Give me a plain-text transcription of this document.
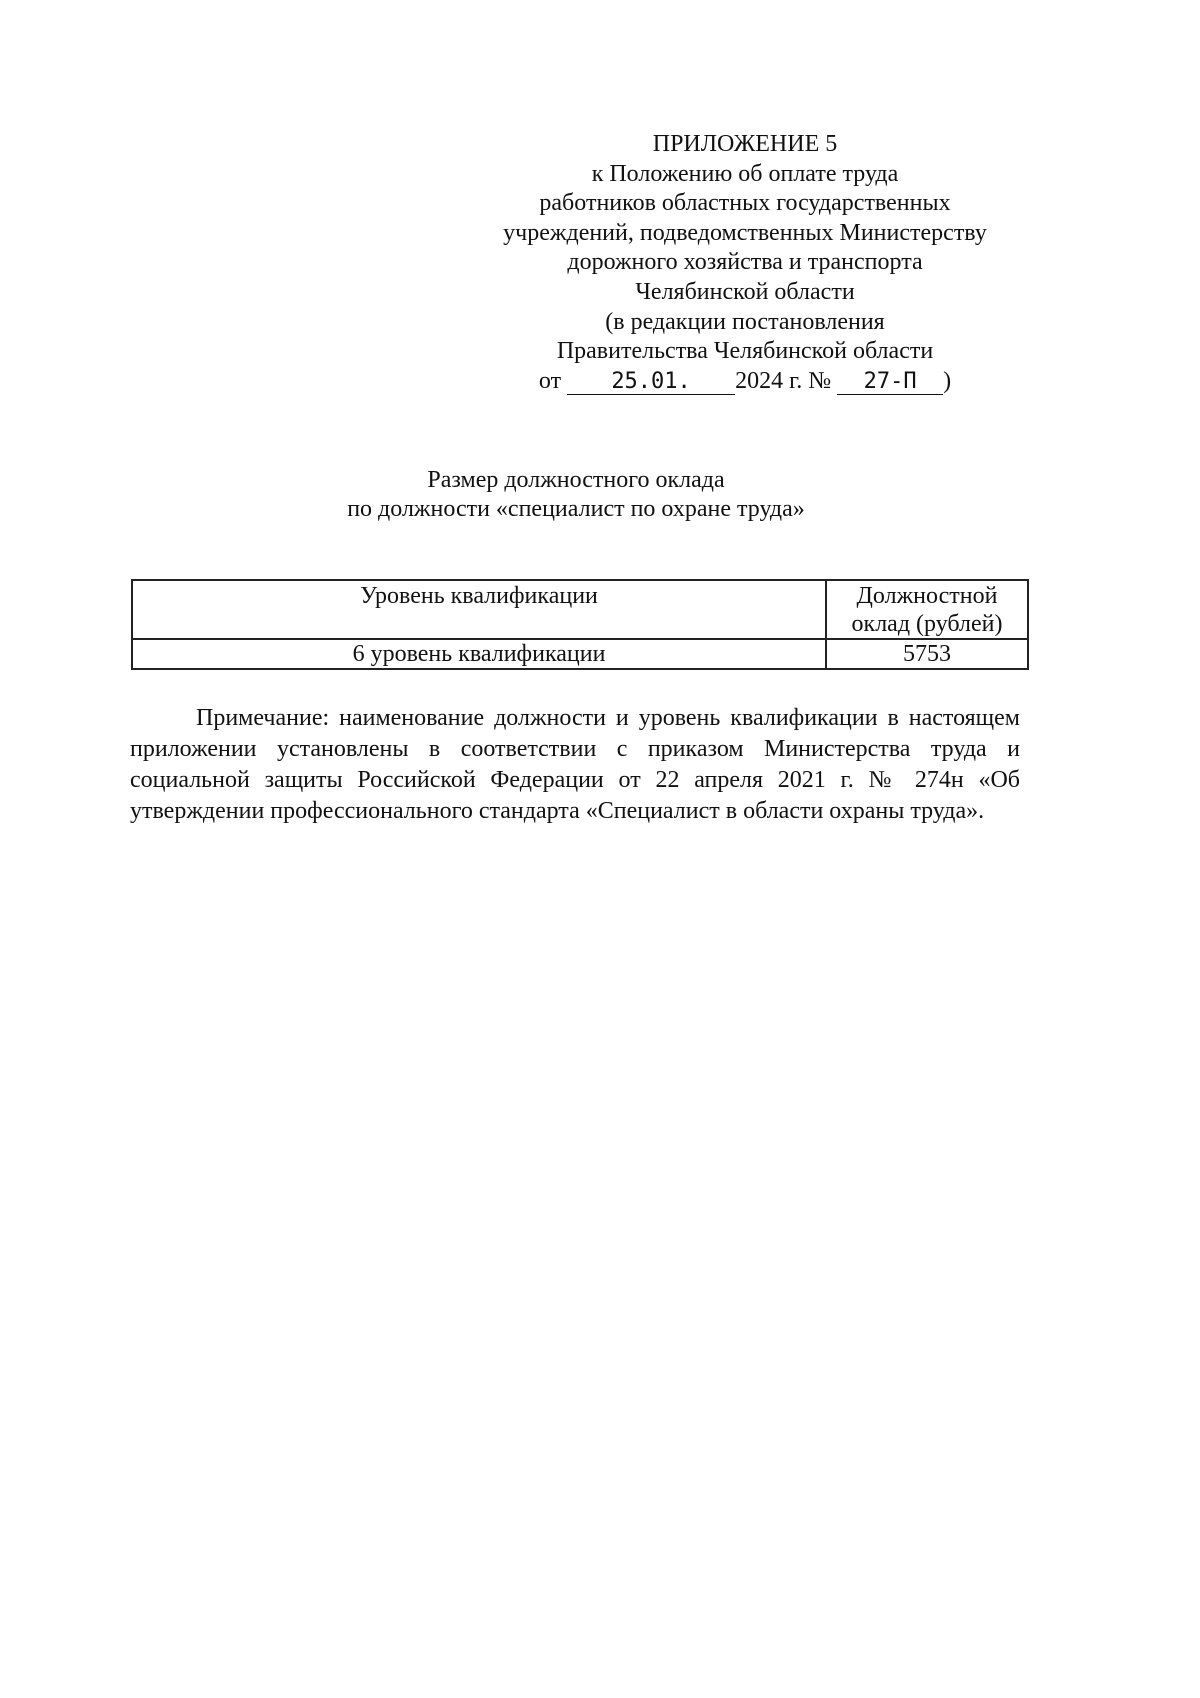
ПРИЛОЖЕНИЕ 5
к Положению об оплате труда
работников областных государственных
учреждений, подведомственных Министерству
дорожного хозяйства и транспорта
Челябинской области
(в редакции постановления
Правительства Челябинской области
от 25.01. 2024 г. № 27-П )
Размер должностного оклада
по должности «специалист по охране труда»
Уровень квалификации	Должностной
оклад (рублей)
6 уровень квалификации	5753

Примечание: наименование должности и уровень квалификации в настоящем приложении установлены в соответствии с приказом Министерства труда и социальной защиты Российской Федерации от 22 апреля 2021 г. № 274н «Об утверждении профессионального стандарта «Специалист в области охраны труда».
